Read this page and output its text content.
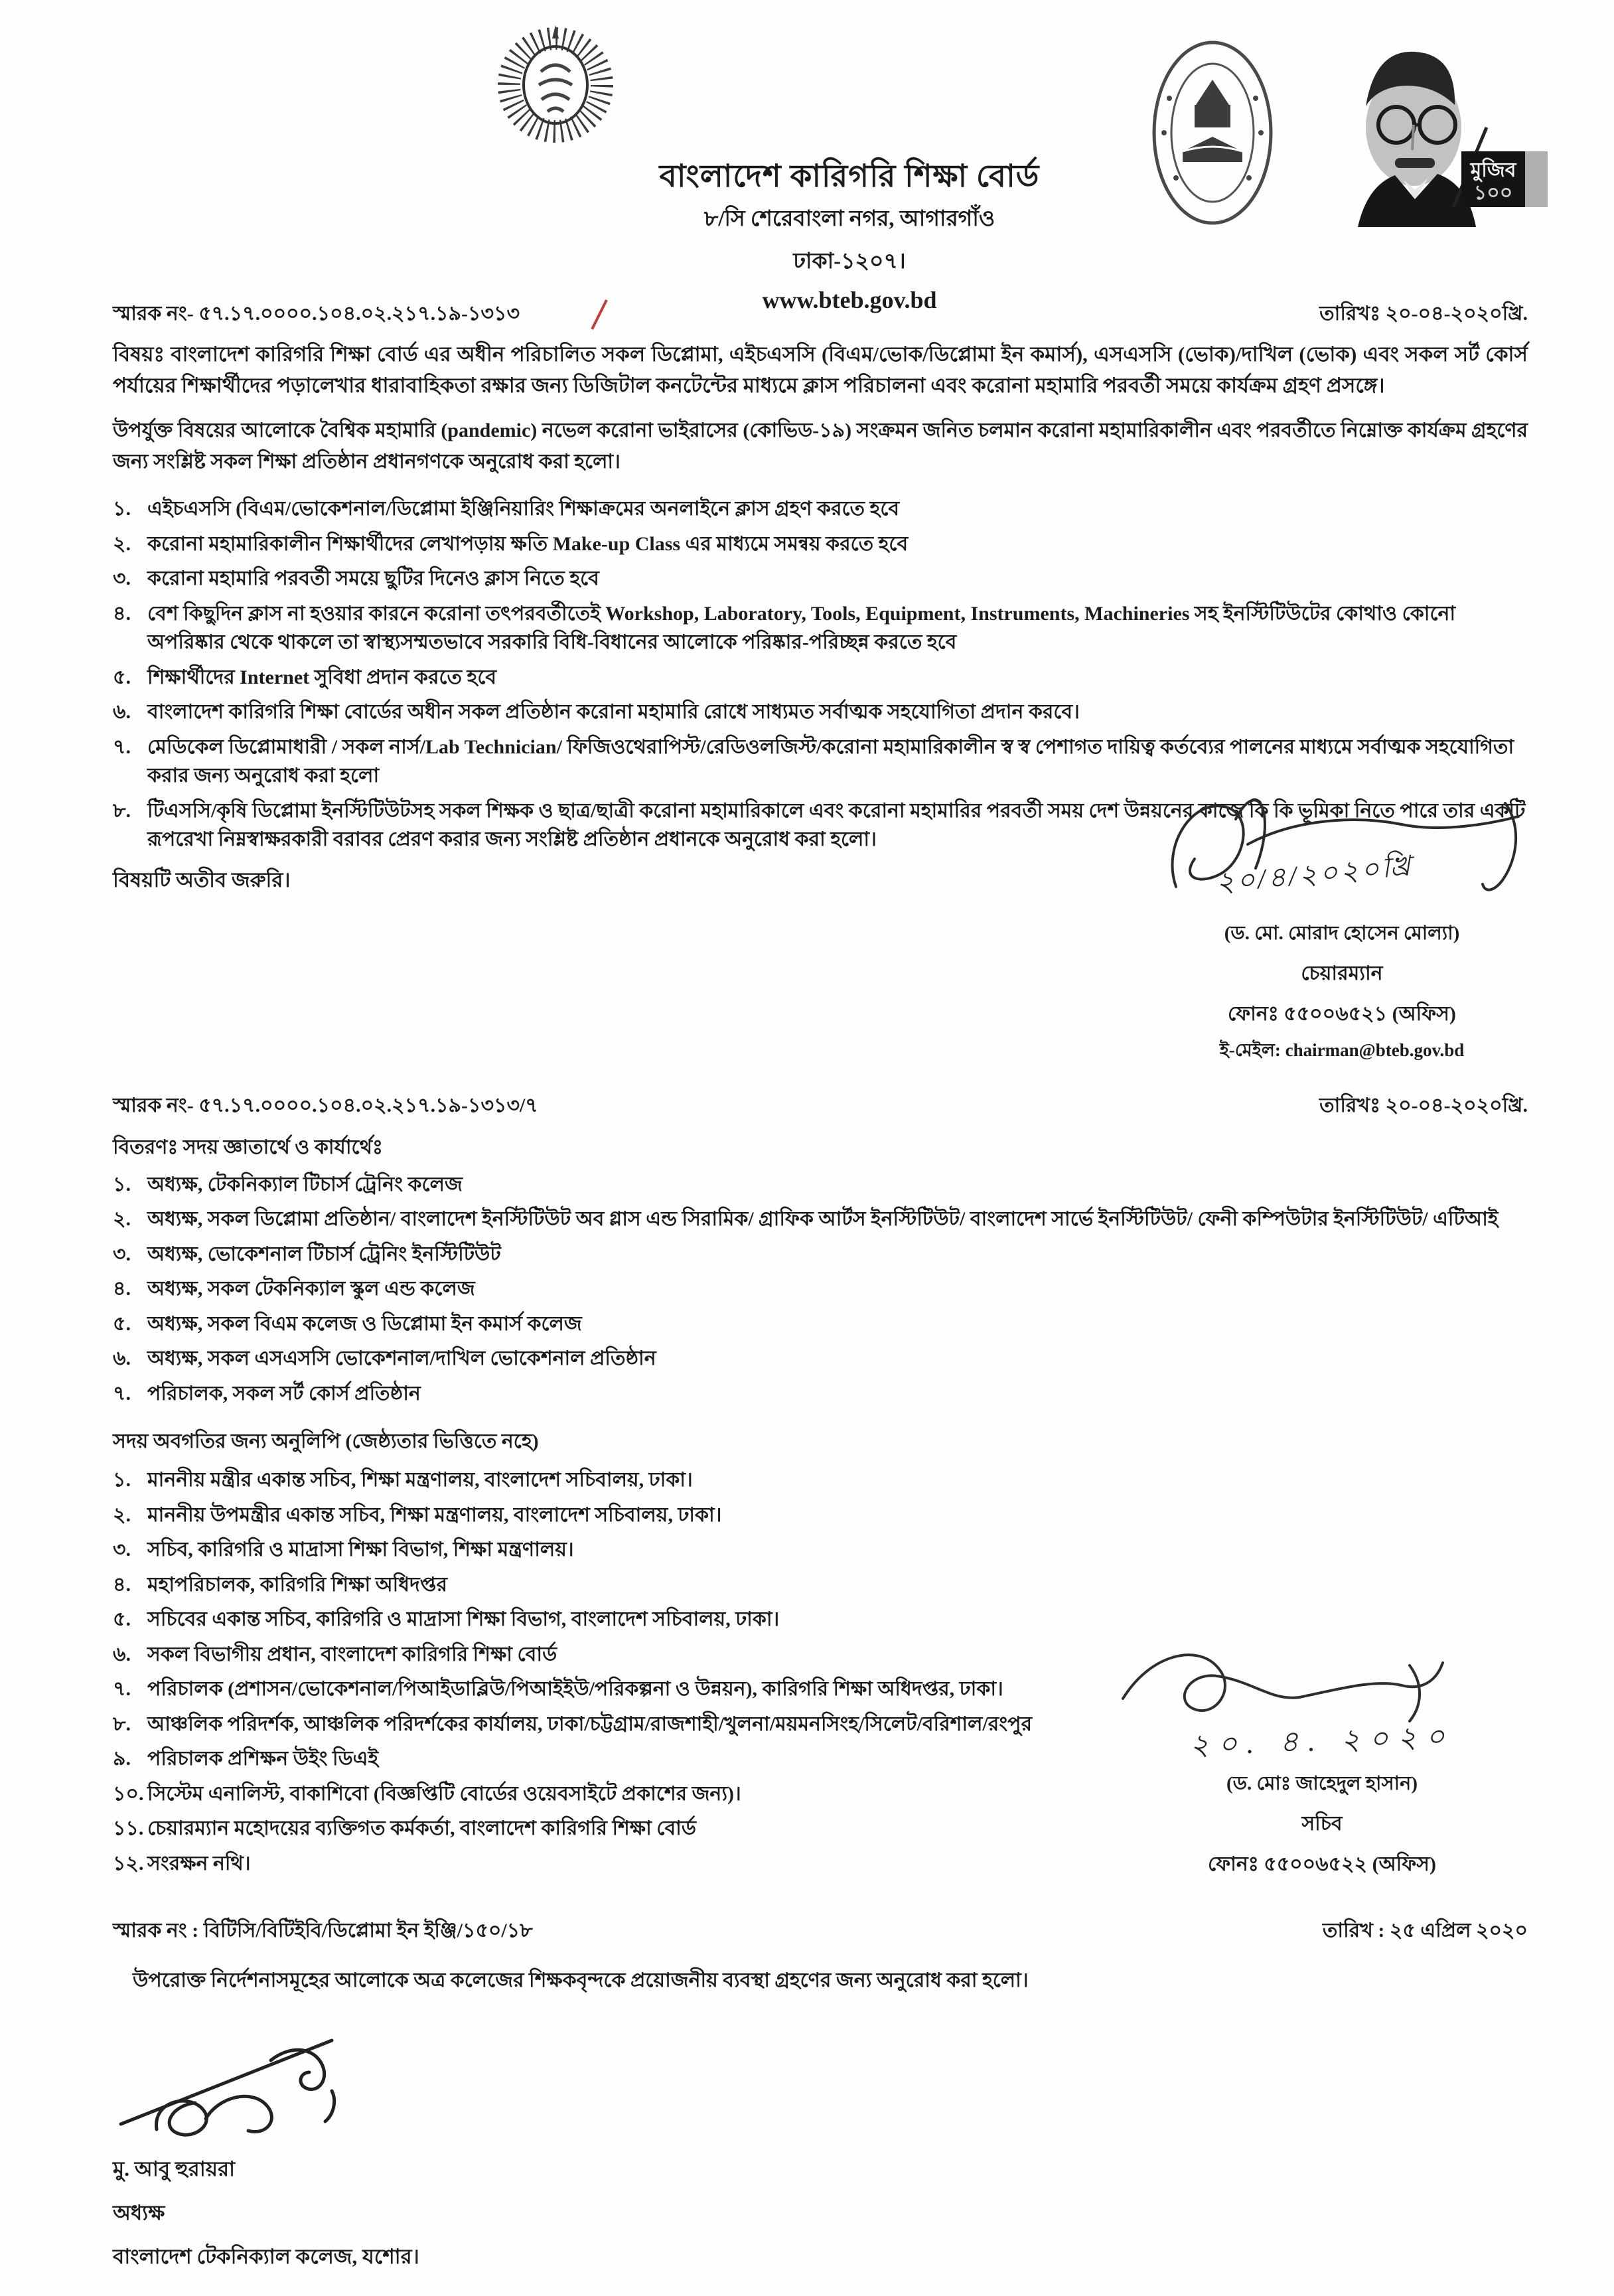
বাংলাদেশ কারিগরি শিক্ষা বোর্ড
৮/সি শেরেবাংলা নগর, আগারগাঁও
ঢাকা-১২০৭।
www.bteb.gov.bd
মুজিব
১০০
স্মারক নং- ৫৭.১৭.০০০০.১০৪.০২.২১৭.১৯-১৩১৩	তারিখঃ ২০-০৪-২০২০খ্রি.
বিষয়ঃ বাংলাদেশ কারিগরি শিক্ষা বোর্ড এর অধীন পরিচালিত সকল ডিপ্লোমা, এইচএসসি (বিএম/ভোক/ডিপ্লোমা ইন কমার্স), এসএসসি (ভোক)/দাখিল (ভোক) এবং সকল সর্ট কোর্স পর্যায়ের শিক্ষার্থীদের পড়ালেখার ধারাবাহিকতা রক্ষার জন্য ডিজিটাল কনটেন্টের মাধ্যমে ক্লাস পরিচালনা এবং করোনা মহামারি পরবর্তী সময়ে কার্যক্রম গ্রহণ প্রসঙ্গে।
উপর্যুক্ত বিষয়ের আলোকে বৈশ্বিক মহামারি (pandemic) নভেল করোনা ভাইরাসের (কোভিড-১৯) সংক্রমন জনিত চলমান করোনা মহামারিকালীন এবং পরবর্তীতে নিম্নোক্ত কার্যক্রম গ্রহণের জন্য সংশ্লিষ্ট সকল শিক্ষা প্রতিষ্ঠান প্রধানগণকে অনুরোধ করা হলো।
১. এইচএসসি (বিএম/ভোকেশনাল/ডিপ্লোমা ইঞ্জিনিয়ারিং শিক্ষাক্রমের অনলাইনে ক্লাস গ্রহণ করতে হবে
২. করোনা মহামারিকালীন শিক্ষার্থীদের লেখাপড়ায় ক্ষতি Make-up Class এর মাধ্যমে সমন্বয় করতে হবে
৩. করোনা মহামারি পরবর্তী সময়ে ছুটির দিনেও ক্লাস নিতে হবে
৪. বেশ কিছুদিন ক্লাস না হওয়ার কারনে করোনা তৎপরবর্তীতেই Workshop, Laboratory, Tools, Equipment, Instruments, Machineries সহ ইনস্টিটিউটের কোথাও কোনো অপরিষ্কার থেকে থাকলে তা স্বাস্থ্যসম্মতভাবে সরকারি বিধি-বিধানের আলোকে পরিষ্কার-পরিচ্ছন্ন করতে হবে
৫. শিক্ষার্থীদের Internet সুবিধা প্রদান করতে হবে
৬. বাংলাদেশ কারিগরি শিক্ষা বোর্ডের অধীন সকল প্রতিষ্ঠান করোনা মহামারি রোধে সাধ্যমত সর্বাত্মক সহযোগিতা প্রদান করবে।
৭. মেডিকেল ডিপ্লোমাধারী / সকল নার্স/Lab Technician/ ফিজিওথেরাপিস্ট/রেডিওলজিস্ট/করোনা মহামারিকালীন স্ব স্ব পেশাগত দায়িত্ব কর্তব্যের পালনের মাধ্যমে সর্বাত্মক সহযোগিতা করার জন্য অনুরোধ করা হলো
৮. টিএসসি/কৃষি ডিপ্লোমা ইনস্টিটিউটসহ সকল শিক্ষক ও ছাত্র/ছাত্রী করোনা মহামারিকালে এবং করোনা মহামারির পরবর্তী সময় দেশ উন্নয়নের কাজে কি কি ভূমিকা নিতে পারে তার একটি রূপরেখা নিম্নস্বাক্ষরকারী বরাবর প্রেরণ করার জন্য সংশ্লিষ্ট প্রতিষ্ঠান প্রধানকে অনুরোধ করা হলো।
বিষয়টি অতীব জরুরি।	২০/৪/২০২০খ্রি
(ড. মো. মোরাদ হোসেন মোল্যা)
চেয়ারম্যান
ফোনঃ ৫৫০০৬৫২১ (অফিস)
ই-মেইল: chairman@bteb.gov.bd
স্মারক নং- ৫৭.১৭.০০০০.১০৪.০২.২১৭.১৯-১৩১৩/৭	তারিখঃ ২০-০৪-২০২০খ্রি.
বিতরণঃ সদয় জ্ঞাতার্থে ও কার্যার্থেঃ
১. অধ্যক্ষ, টেকনিক্যাল টিচার্স ট্রেনিং কলেজ
২. অধ্যক্ষ, সকল ডিপ্লোমা প্রতিষ্ঠান/ বাংলাদেশ ইনস্টিটিউট অব গ্লাস এন্ড সিরামিক/ গ্রাফিক আর্টস ইনস্টিটিউট/ বাংলাদেশ সার্ভে ইনস্টিটিউট/ ফেনী কম্পিউটার ইনস্টিটিউট/ এটিআই
৩. অধ্যক্ষ, ভোকেশনাল টিচার্স ট্রেনিং ইনস্টিটিউট
৪. অধ্যক্ষ, সকল টেকনিক্যাল স্কুল এন্ড কলেজ
৫. অধ্যক্ষ, সকল বিএম কলেজ ও ডিপ্লোমা ইন কমার্স কলেজ
৬. অধ্যক্ষ, সকল এসএসসি ভোকেশনাল/দাখিল ভোকেশনাল প্রতিষ্ঠান
৭. পরিচালক, সকল সর্ট কোর্স প্রতিষ্ঠান
সদয় অবগতির জন্য অনুলিপি (জেষ্ঠ্যতার ভিত্তিতে নহে)
১. মাননীয় মন্ত্রীর একান্ত সচিব, শিক্ষা মন্ত্রণালয়, বাংলাদেশ সচিবালয়, ঢাকা।
২. মাননীয় উপমন্ত্রীর একান্ত সচিব, শিক্ষা মন্ত্রণালয়, বাংলাদেশ সচিবালয়, ঢাকা।
৩. সচিব, কারিগরি ও মাদ্রাসা শিক্ষা বিভাগ, শিক্ষা মন্ত্রণালয়।
৪. মহাপরিচালক, কারিগরি শিক্ষা অধিদপ্তর
৫. সচিবের একান্ত সচিব, কারিগরি ও মাদ্রাসা শিক্ষা বিভাগ, বাংলাদেশ সচিবালয়, ঢাকা।
৬. সকল বিভাগীয় প্রধান, বাংলাদেশ কারিগরি শিক্ষা বোর্ড
৭. পরিচালক (প্রশাসন/ভোকেশনাল/পিআইডাব্লিউ/পিআইইউ/পরিকল্পনা ও উন্নয়ন), কারিগরি শিক্ষা অধিদপ্তর, ঢাকা।
৮. আঞ্চলিক পরিদর্শক, আঞ্চলিক পরিদর্শকের কার্যালয়, ঢাকা/চট্টগ্রাম/রাজশাহী/খুলনা/ময়মনসিংহ/সিলেট/বরিশাল/রংপুর
৯. পরিচালক প্রশিক্ষন উইং ডিএই
১০. সিস্টেম এনালিস্ট, বাকাশিবো (বিজ্ঞপ্তিটি বোর্ডের ওয়েবসাইটে প্রকাশের জন্য)।
১১. চেয়ারম্যান মহোদয়ের ব্যক্তিগত কর্মকর্তা, বাংলাদেশ কারিগরি শিক্ষা বোর্ড
১২. সংরক্ষন নথি।
২০. ৪. ২০২০
(ড. মোঃ জাহেদুল হাসান)
সচিব
ফোনঃ ৫৫০০৬৫২২ (অফিস)
স্মারক নং : বিটিসি/বিটিইবি/ডিপ্লোমা ইন ইঞ্জি/১৫০/১৮	তারিখ : ২৫ এপ্রিল ২০২০
উপরোক্ত নির্দেশনাসমূহের আলোকে অত্র কলেজের শিক্ষকবৃন্দকে প্রয়োজনীয় ব্যবস্থা গ্রহণের জন্য অনুরোধ করা হলো।
মু. আবু হুরায়রা
অধ্যক্ষ
বাংলাদেশ টেকনিক্যাল কলেজ, যশোর।
